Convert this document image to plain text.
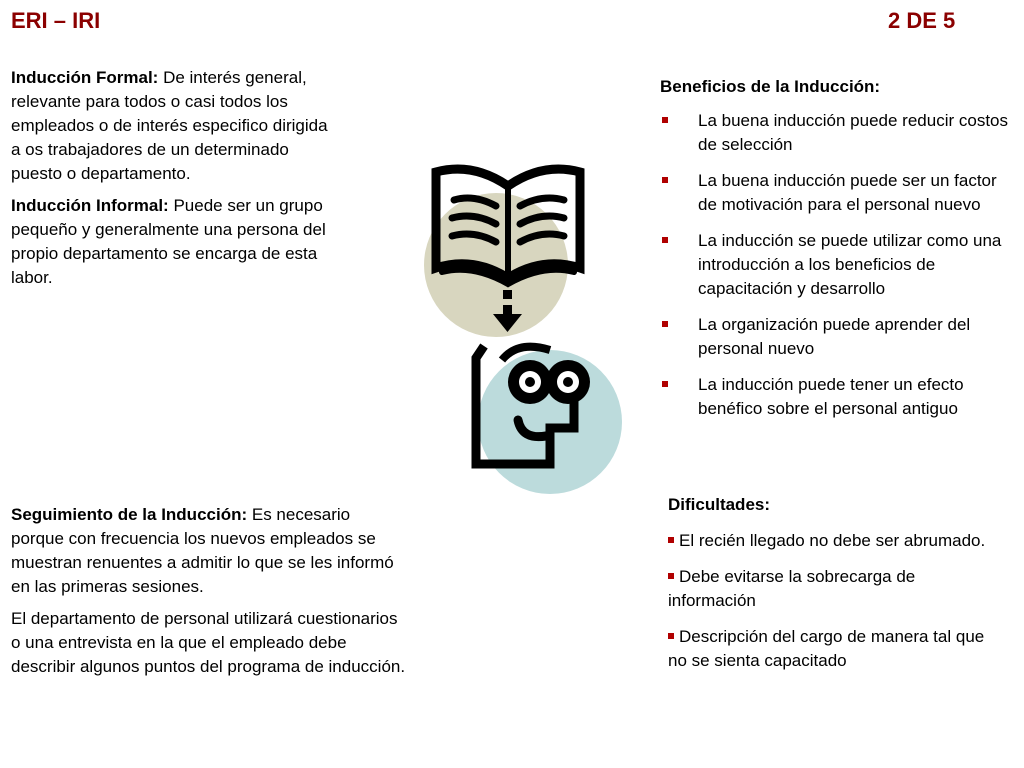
ERI – IRI	2 DE 5

Inducción Formal: De interés general, relevante para todos o casi todos los empleados o de interés especifico dirigida a os trabajadores de un determinado puesto o departamento.

Inducción Informal: Puede ser un grupo pequeño y generalmente una persona del propio departamento se encarga de esta labor.

Seguimiento de la Inducción: Es necesario porque con frecuencia los nuevos empleados se muestran renuentes a admitir lo que se les informó en las primeras sesiones.

El departamento de personal utilizará cuestionarios o una entrevista en la que el empleado debe describir algunos puntos del programa de inducción.

Beneficios de la Inducción:
La buena inducción puede reducir costos de selección
La buena inducción puede ser un factor de motivación para el personal nuevo
La inducción se puede utilizar como una introducción a los beneficios de capacitación y desarrollo
La organización puede aprender del personal nuevo
La inducción puede tener un efecto benéfico sobre el personal antiguo
Dificultades:
El recién llegado no debe ser abrumado.
Debe evitarse la sobrecarga de información
Descripción del cargo de manera tal que no se sienta capacitado
